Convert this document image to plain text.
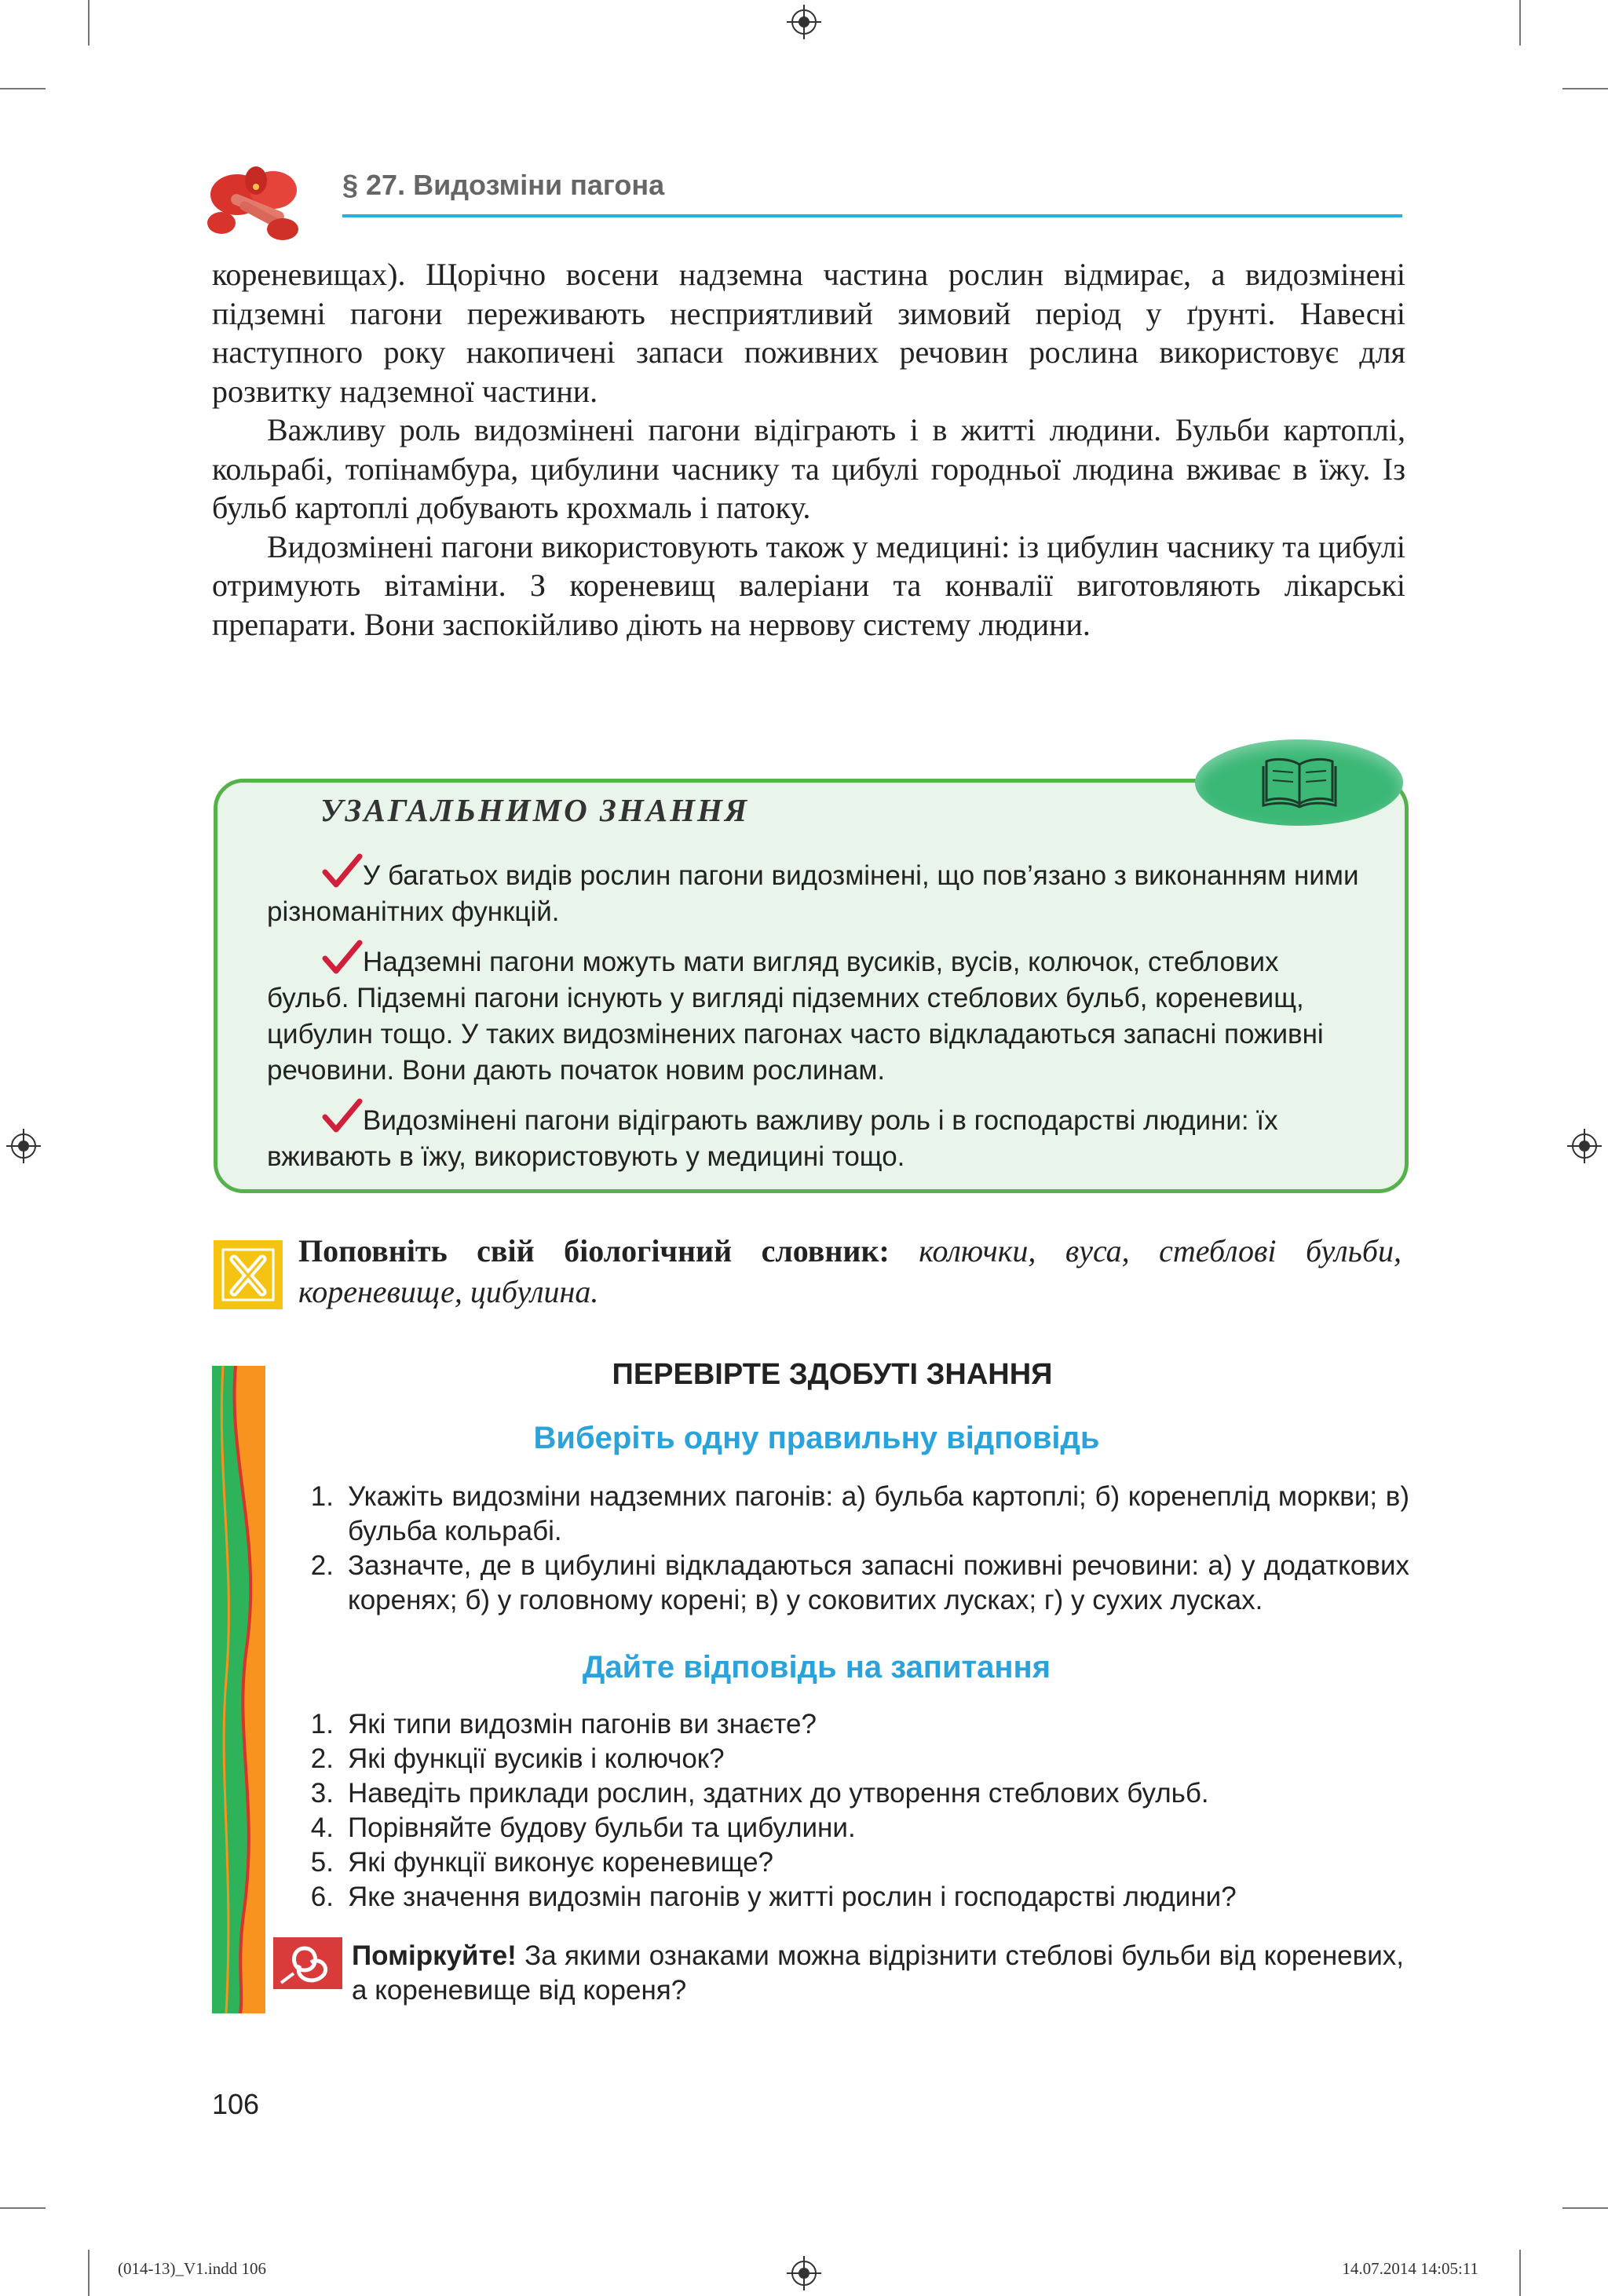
§ 27. Видозміни пагона

кореневищах). Щорічно восени надземна частина рослин відмирає, а видозмінені підземні пагони переживають несприятливий зимовий період у ґрунті. Навесні наступного року накопичені запаси поживних речовин рослина використовує для розвитку надземної частини.

Важливу роль видозмінені пагони відіграють і в житті людини. Бульби картоплі, кольрабі, топінамбура, цибулини часнику та цибулі городньої людина вживає в їжу. Із бульб картоплі добувають крохмаль і патоку.

Видозмінені пагони використовують також у медицині: із цибулин часнику та цибулі отримують вітаміни. З кореневищ валеріани та конвалії виготовляють лікарські препарати. Вони заспокійливо діють на нервову систему людини.

УЗАГАЛЬНИМО ЗНАННЯ

У багатьох видів рослин пагони видозмінені, що пов’язано з виконанням ними різноманітних функцій.

Надземні пагони можуть мати вигляд вусиків, вусів, колючок, стеблових бульб. Підземні пагони існують у вигляді підземних стеблових бульб, кореневищ, цибулин тощо. У таких видозмінених пагонах часто відкладаються запасні поживні речовини. Вони дають початок новим рослинам.

Видозмінені пагони відіграють важливу роль і в господарстві людини: їх вживають в їжу, використовують у медицині тощо.

Поповніть свій біологічний словник: колючки, вуса, стеблові бульби, кореневище, цибулина.
ПЕРЕВІРТЕ ЗДОБУТІ ЗНАННЯ
Виберіть одну правильну відповідь
1. Укажіть видозміни надземних пагонів: а) бульба картоплі; б) коренеплід моркви; в) бульба кольрабі.
2. Зазначте, де в цибулині відкладаються запасні поживні речовини: а) у додаткових коренях; б) у головному корені; в) у соковитих лусках; г) у сухих лусках.
Дайте відповідь на запитання
1. Які типи видозмін пагонів ви знаєте?
2. Які функції вусиків і колючок?
3. Наведіть приклади рослин, здатних до утворення стеблових бульб.
4. Порівняйте будову бульби та цибулини.
5. Які функції виконує кореневище?
6. Яке значення видозмін пагонів у житті рослин і господарстві людини?
Поміркуйте! За якими ознаками можна відрізнити стеблові бульби від кореневих, а кореневище від кореня?
106
(014-13)_V1.indd 106	14.07.2014 14:05:11
